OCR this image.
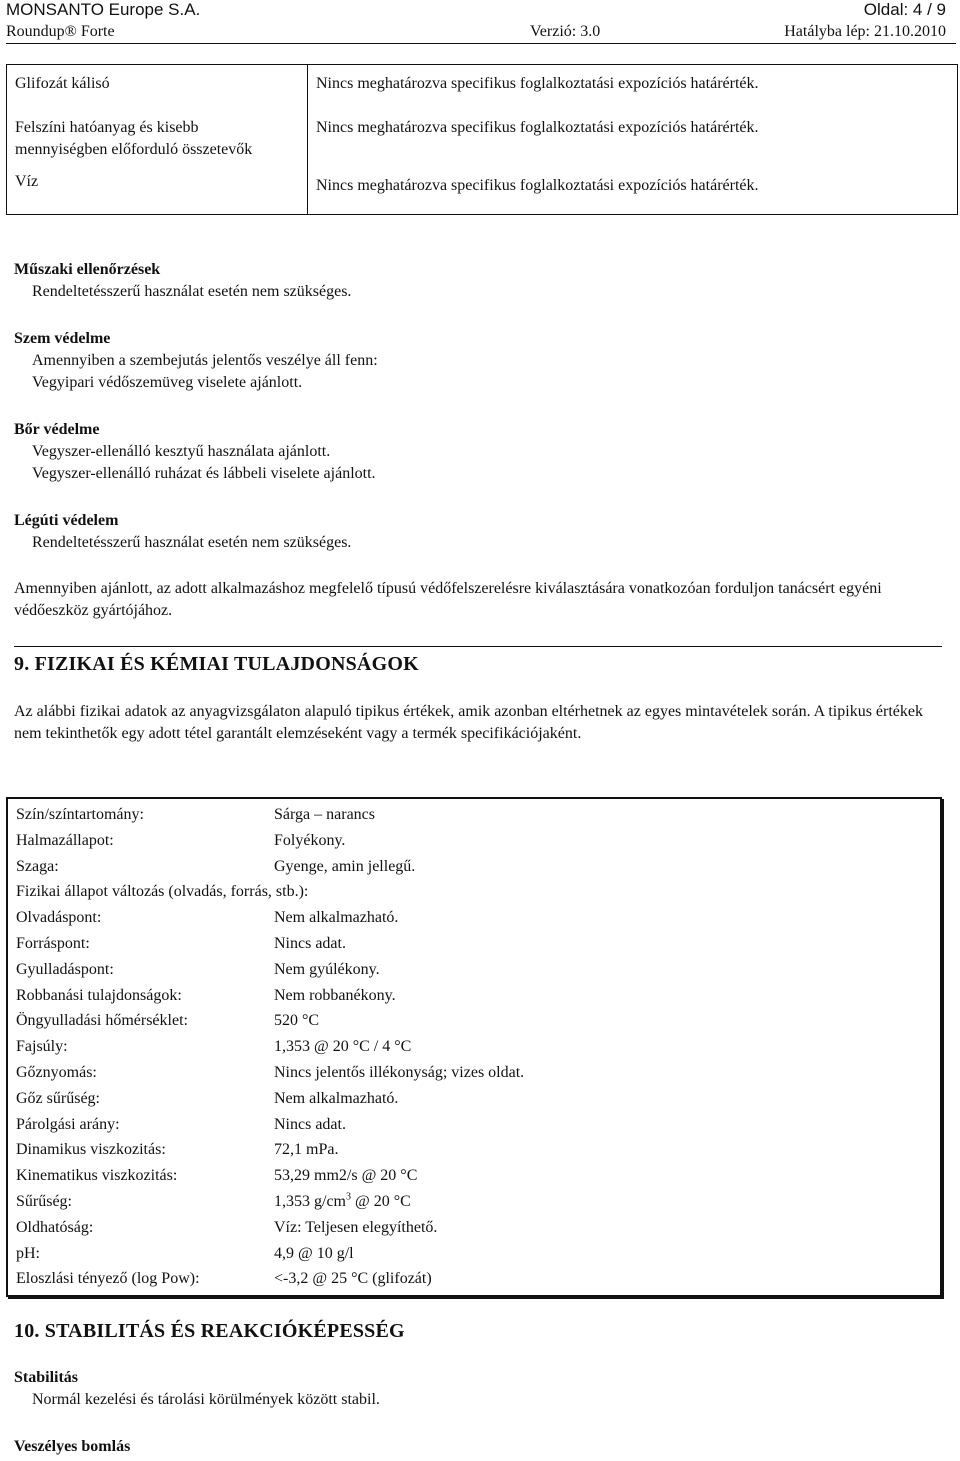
MONSANTO Europe S.A.	Oldal: 4 / 9
Roundup® Forte	Verzió: 3.0	Hatályba lép: 21.10.2010
Glifozát kálisó	Nincs meghatározva specifikus foglalkoztatási expozíciós határérték.

Felszíni hatóanyag és kisebb mennyiségben előforduló összetevők	Nincs meghatározva specifikus foglalkoztatási expozíciós határérték.
Víz	Nincs meghatározva specifikus foglalkoztatási expozíciós határérték.
Műszaki ellenőrzések
Rendeltetésszerű használat esetén nem szükséges.
Szem védelme
Amennyiben a szembejutás jelentős veszélye áll fenn:
Vegyipari védőszemüveg viselete ajánlott.
Bőr védelme
Vegyszer-ellenálló kesztyű használata ajánlott.
Vegyszer-ellenálló ruházat és lábbeli viselete ajánlott.
Légúti védelem
Rendeltetésszerű használat esetén nem szükséges.
Amennyiben ajánlott, az adott alkalmazáshoz megfelelő típusú védőfelszerelésre kiválasztására vonatkozóan forduljon tanácsért egyéni védőeszköz gyártójához.
9. FIZIKAI ÉS KÉMIAI TULAJDONSÁGOK
Az alábbi fizikai adatok az anyagvizsgálaton alapuló tipikus értékek, amik azonban eltérhetnek az egyes mintavételek során. A tipikus értékek nem tekinthetők egy adott tétel garantált elemzéseként vagy a termék specifikációjaként.
Szín/színtartomány:	Sárga – narancs
Halmazállapot:	Folyékony.
Szaga:	Gyenge, amin jellegű.
Fizikai állapot változás (olvadás, forrás, stb.):	
Olvadáspont:	Nem alkalmazható.
Forráspont:	Nincs adat.
Gyulladáspont:	Nem gyúlékony.
Robbanási tulajdonságok:	Nem robbanékony.
Öngyulladási hőmérséklet:	520 °C
Fajsúly:	1,353 @ 20 °C / 4 °C
Gőznyomás:	Nincs jelentős illékonyság; vizes oldat.
Gőz sűrűség:	Nem alkalmazható.
Párolgási arány:	Nincs adat.
Dinamikus viszkozitás:	72,1 mPa.
Kinematikus viszkozitás:	53,29 mm2/s @ 20 °C
Sűrűség:	1,353 $g/cm^3$ @ 20 °C
Oldhatóság:	Víz: Teljesen elegyíthető.
pH:	4,9 @ 10 g/l
Eloszlási tényező (log Pow):	<-3,2 @ 25 °C (glifozát)
10. STABILITÁS ÉS REAKCIÓKÉPESSÉG
Stabilitás
Normál kezelési és tárolási körülmények között stabil.
Veszélyes bomlás
